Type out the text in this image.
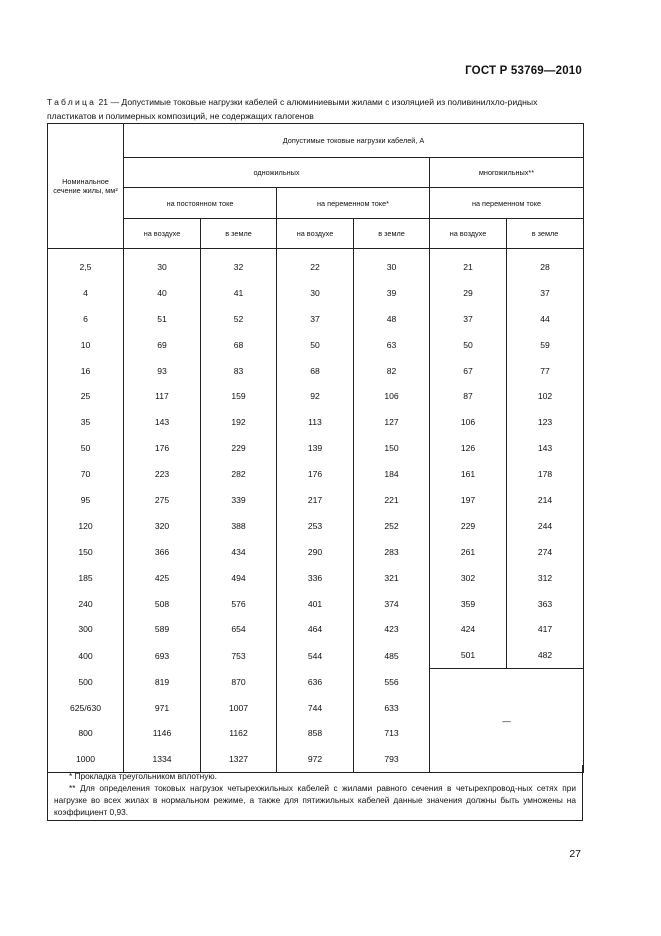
ГОСТ Р 53769—2010
Таблица 21 — Допустимые токовые нагрузки кабелей с алюминиевыми жилами с изоляцией из поливинилхло-ридных пластикатов и полимерных композиций, не содержащих галогенов
Номинальное сечение жилы, мм²	Допустимые токовые нагрузки кабелей, А					
	одножильных				многожильных**	
	на постоянном токе		на переменном токе*		на переменном токе	
	на воздухе	в земле	на воздухе	в земле	на воздухе	в земле

2,5	30	32	22	30	21	28
4	40	41	30	39	29	37
6	51	52	37	48	37	44
10	69	68	50	63	50	59
16	93	83	68	82	67	77
25	117	159	92	106	87	102
35	143	192	113	127	106	123
50	176	229	139	150	126	143
70	223	282	176	184	161	178
95	275	339	217	221	197	214
120	320	388	253	252	229	244
150	366	434	290	283	261	274
185	425	494	336	321	302	312
240	508	576	401	374	359	363
300	589	654	464	423	424	417
400	693	753	544	485	501	482
500	819	870	636	556	—	
625/630	971	1007	744	633		
800	1146	1162	858	713		
1000	1334	1327	972	793		
* Прокладка треугольником вплотную.
** Для определения токовых нагрузок четырехжильных кабелей с жилами равного сечения в четырехпровод-ных сетях при нагрузке во всех жилах в нормальном режиме, а также для пятижильных кабелей данные значения должны быть умножены на коэффициент 0,93.
27
